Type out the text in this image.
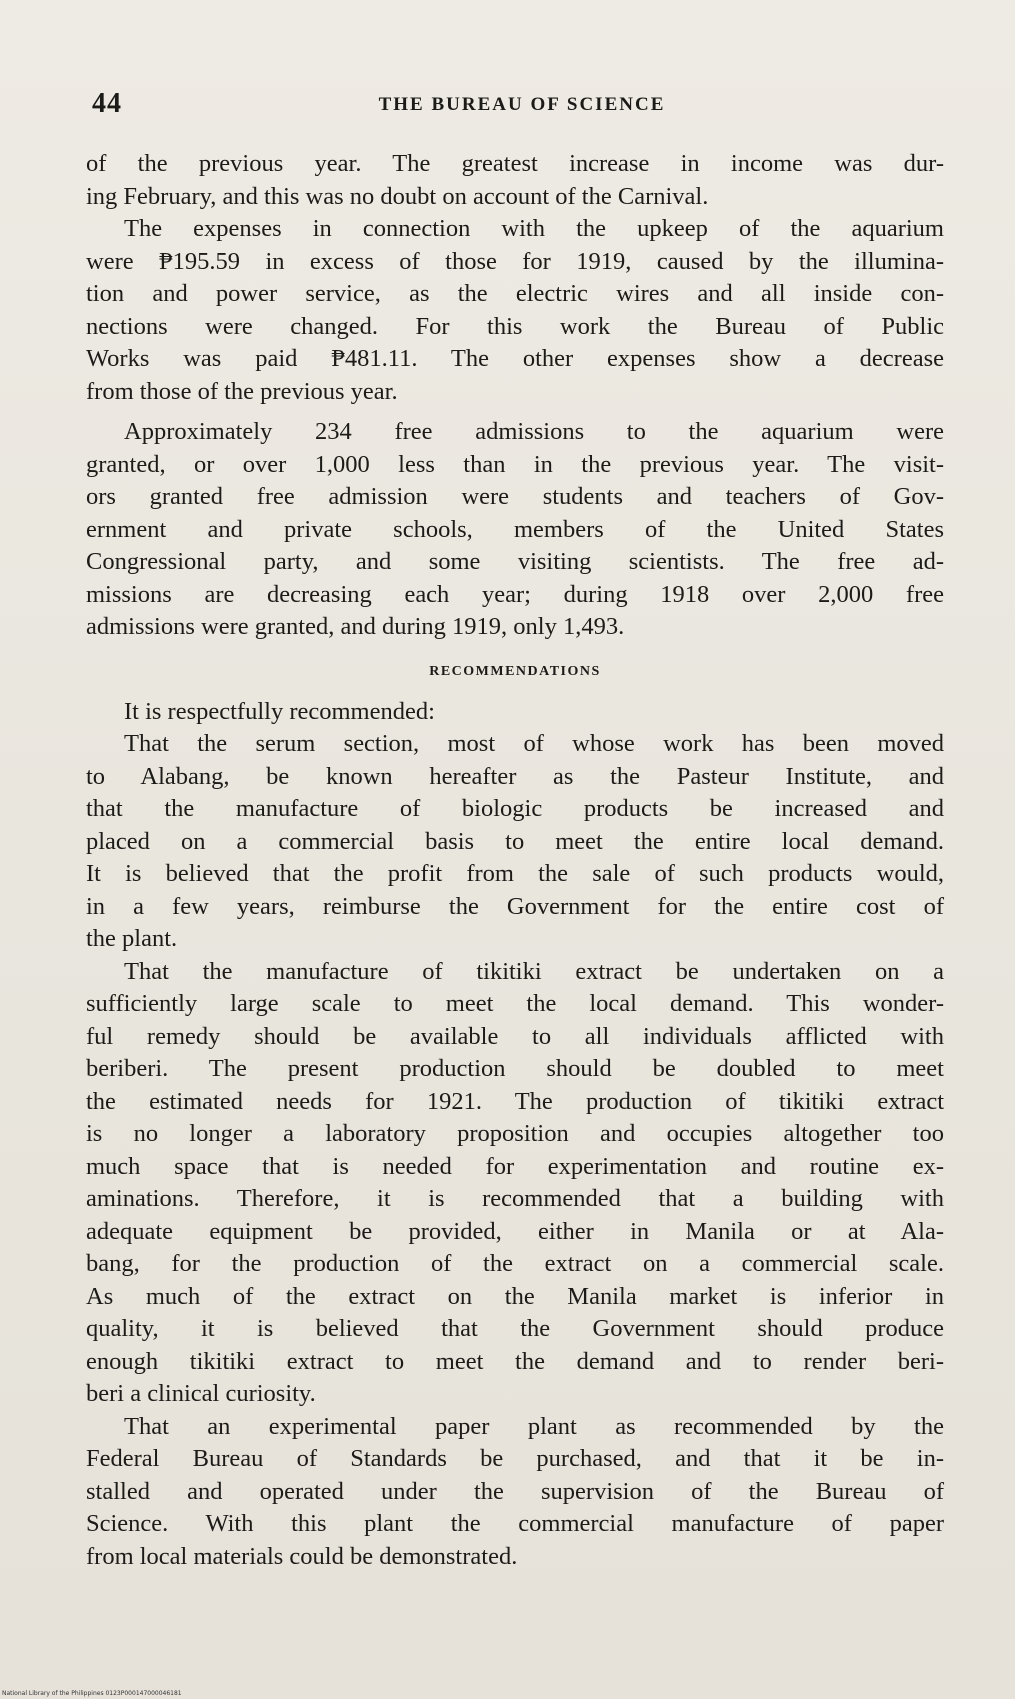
44	THE BUREAU OF SCIENCE
of the previous year. The greatest increase in income was dur-
ing February, and this was no doubt on account of the Carnival.
The expenses in connection with the upkeep of the aquarium
were ₱195.59 in excess of those for 1919, caused by the illumina-
tion and power service, as the electric wires and all inside con-
nections were changed. For this work the Bureau of Public
Works was paid ₱481.11. The other expenses show a decrease
from those of the previous year.
Approximately 234 free admissions to the aquarium were
granted, or over 1,000 less than in the previous year. The visit-
ors granted free admission were students and teachers of Gov-
ernment and private schools, members of the United States
Congressional party, and some visiting scientists. The free ad-
missions are decreasing each year; during 1918 over 2,000 free
admissions were granted, and during 1919, only 1,493.
RECOMMENDATIONS
It is respectfully recommended:
That the serum section, most of whose work has been moved
to Alabang, be known hereafter as the Pasteur Institute, and
that the manufacture of biologic products be increased and
placed on a commercial basis to meet the entire local demand.
It is believed that the profit from the sale of such products would,
in a few years, reimburse the Government for the entire cost of
the plant.
That the manufacture of tikitiki extract be undertaken on a
sufficiently large scale to meet the local demand. This wonder-
ful remedy should be available to all individuals afflicted with
beriberi. The present production should be doubled to meet
the estimated needs for 1921. The production of tikitiki extract
is no longer a laboratory proposition and occupies altogether too
much space that is needed for experimentation and routine ex-
aminations. Therefore, it is recommended that a building with
adequate equipment be provided, either in Manila or at Ala-
bang, for the production of the extract on a commercial scale.
As much of the extract on the Manila market is inferior in
quality, it is believed that the Government should produce
enough tikitiki extract to meet the demand and to render beri-
beri a clinical curiosity.
That an experimental paper plant as recommended by the
Federal Bureau of Standards be purchased, and that it be in-
stalled and operated under the supervision of the Bureau of
Science. With this plant the commercial manufacture of paper
from local materials could be demonstrated.
National Library of the Philippines 0123P000147000046181
